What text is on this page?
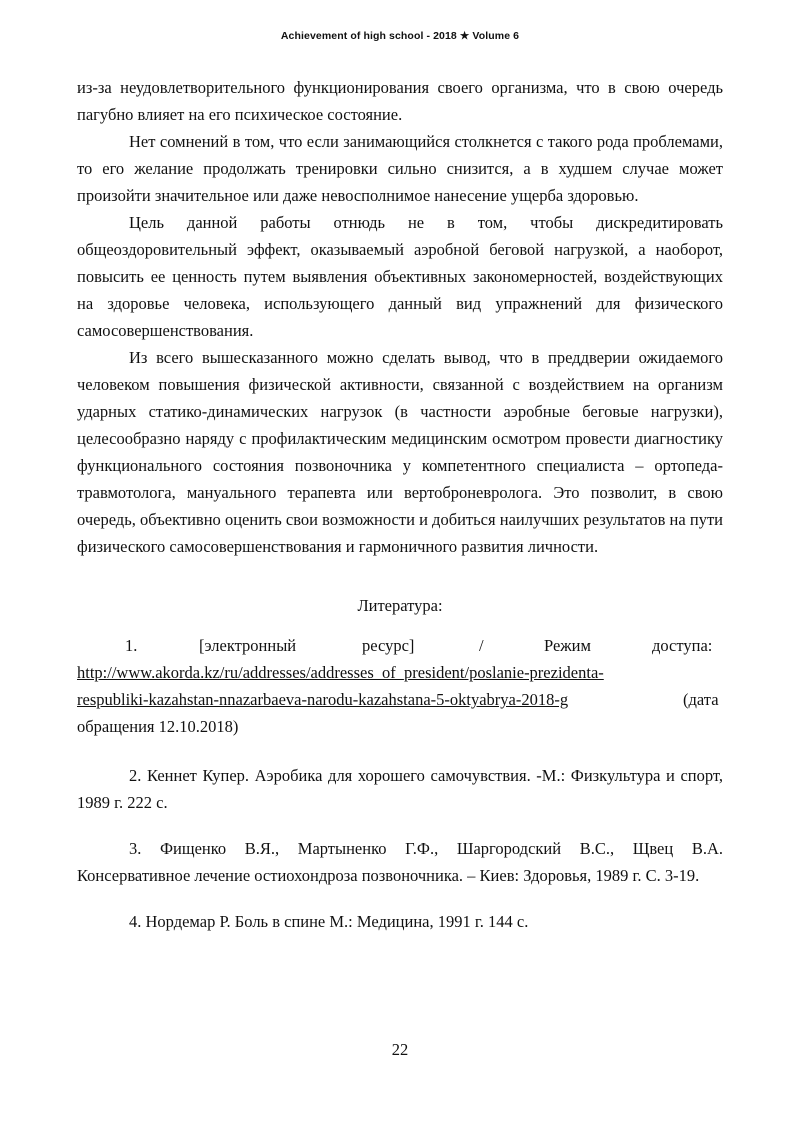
Achievement of high school - 2018 ★ Volume 6

из-за неудовлетворительного функционирования своего организма, что в свою очередь пагубно влияет на его психическое состояние.

Нет сомнений в том, что если занимающийся столкнется с такого рода проблемами, то его желание продолжать тренировки сильно снизится, а в худшем случае может произойти значительное или даже невосполнимое нанесение ущерба здоровью.

Цель данной работы отнюдь не в том, чтобы дискредитировать общеоздоровительный эффект, оказываемый аэробной беговой нагрузкой, а наоборот, повысить ее ценность путем выявления объективных закономерностей, воздействующих на здоровье человека, использующего данный вид упражнений для физического самосовершенствования.

Из всего вышесказанного можно сделать вывод, что в преддверии ожидаемого человеком повышения физической активности, связанной с воздействием на организм ударных статико-динамических нагрузок (в частности аэробные беговые нагрузки), целесообразно наряду с профилактическим медицинским осмотром провести диагностику функционального состояния позвоночника у компетентного специалиста – ортопеда-травмотолога, мануального терапевта или вертоброневролога. Это позволит, в свою очередь, объективно оценить свои возможности и добиться наилучших результатов на пути физического самосовершенствования и гармоничного развития личности.

Литература:

1.	[электронный	ресурс]	/	Режим	доступа:
http://www.akorda.kz/ru/addresses/addresses_of_president/poslanie-prezidenta-
respubliki-kazahstan-nnazarbaeva-narodu-kazahstana-5-oktyabrya-2018-g	(дата
обращения 12.10.2018)

2. Кеннет Купер. Аэробика для хорошего самочувствия. -М.: Физкультура и спорт, 1989 г. 222 с.

3. Фищенко В.Я., Мартыненко Г.Ф., Шаргородский В.С., Щвец В.А. Консервативное лечение остиохондроза позвоночника. – Киев: Здоровья, 1989 г. С. 3-19.

4. Нордемар Р. Боль в спине М.: Медицина, 1991 г. 144 с.

22
